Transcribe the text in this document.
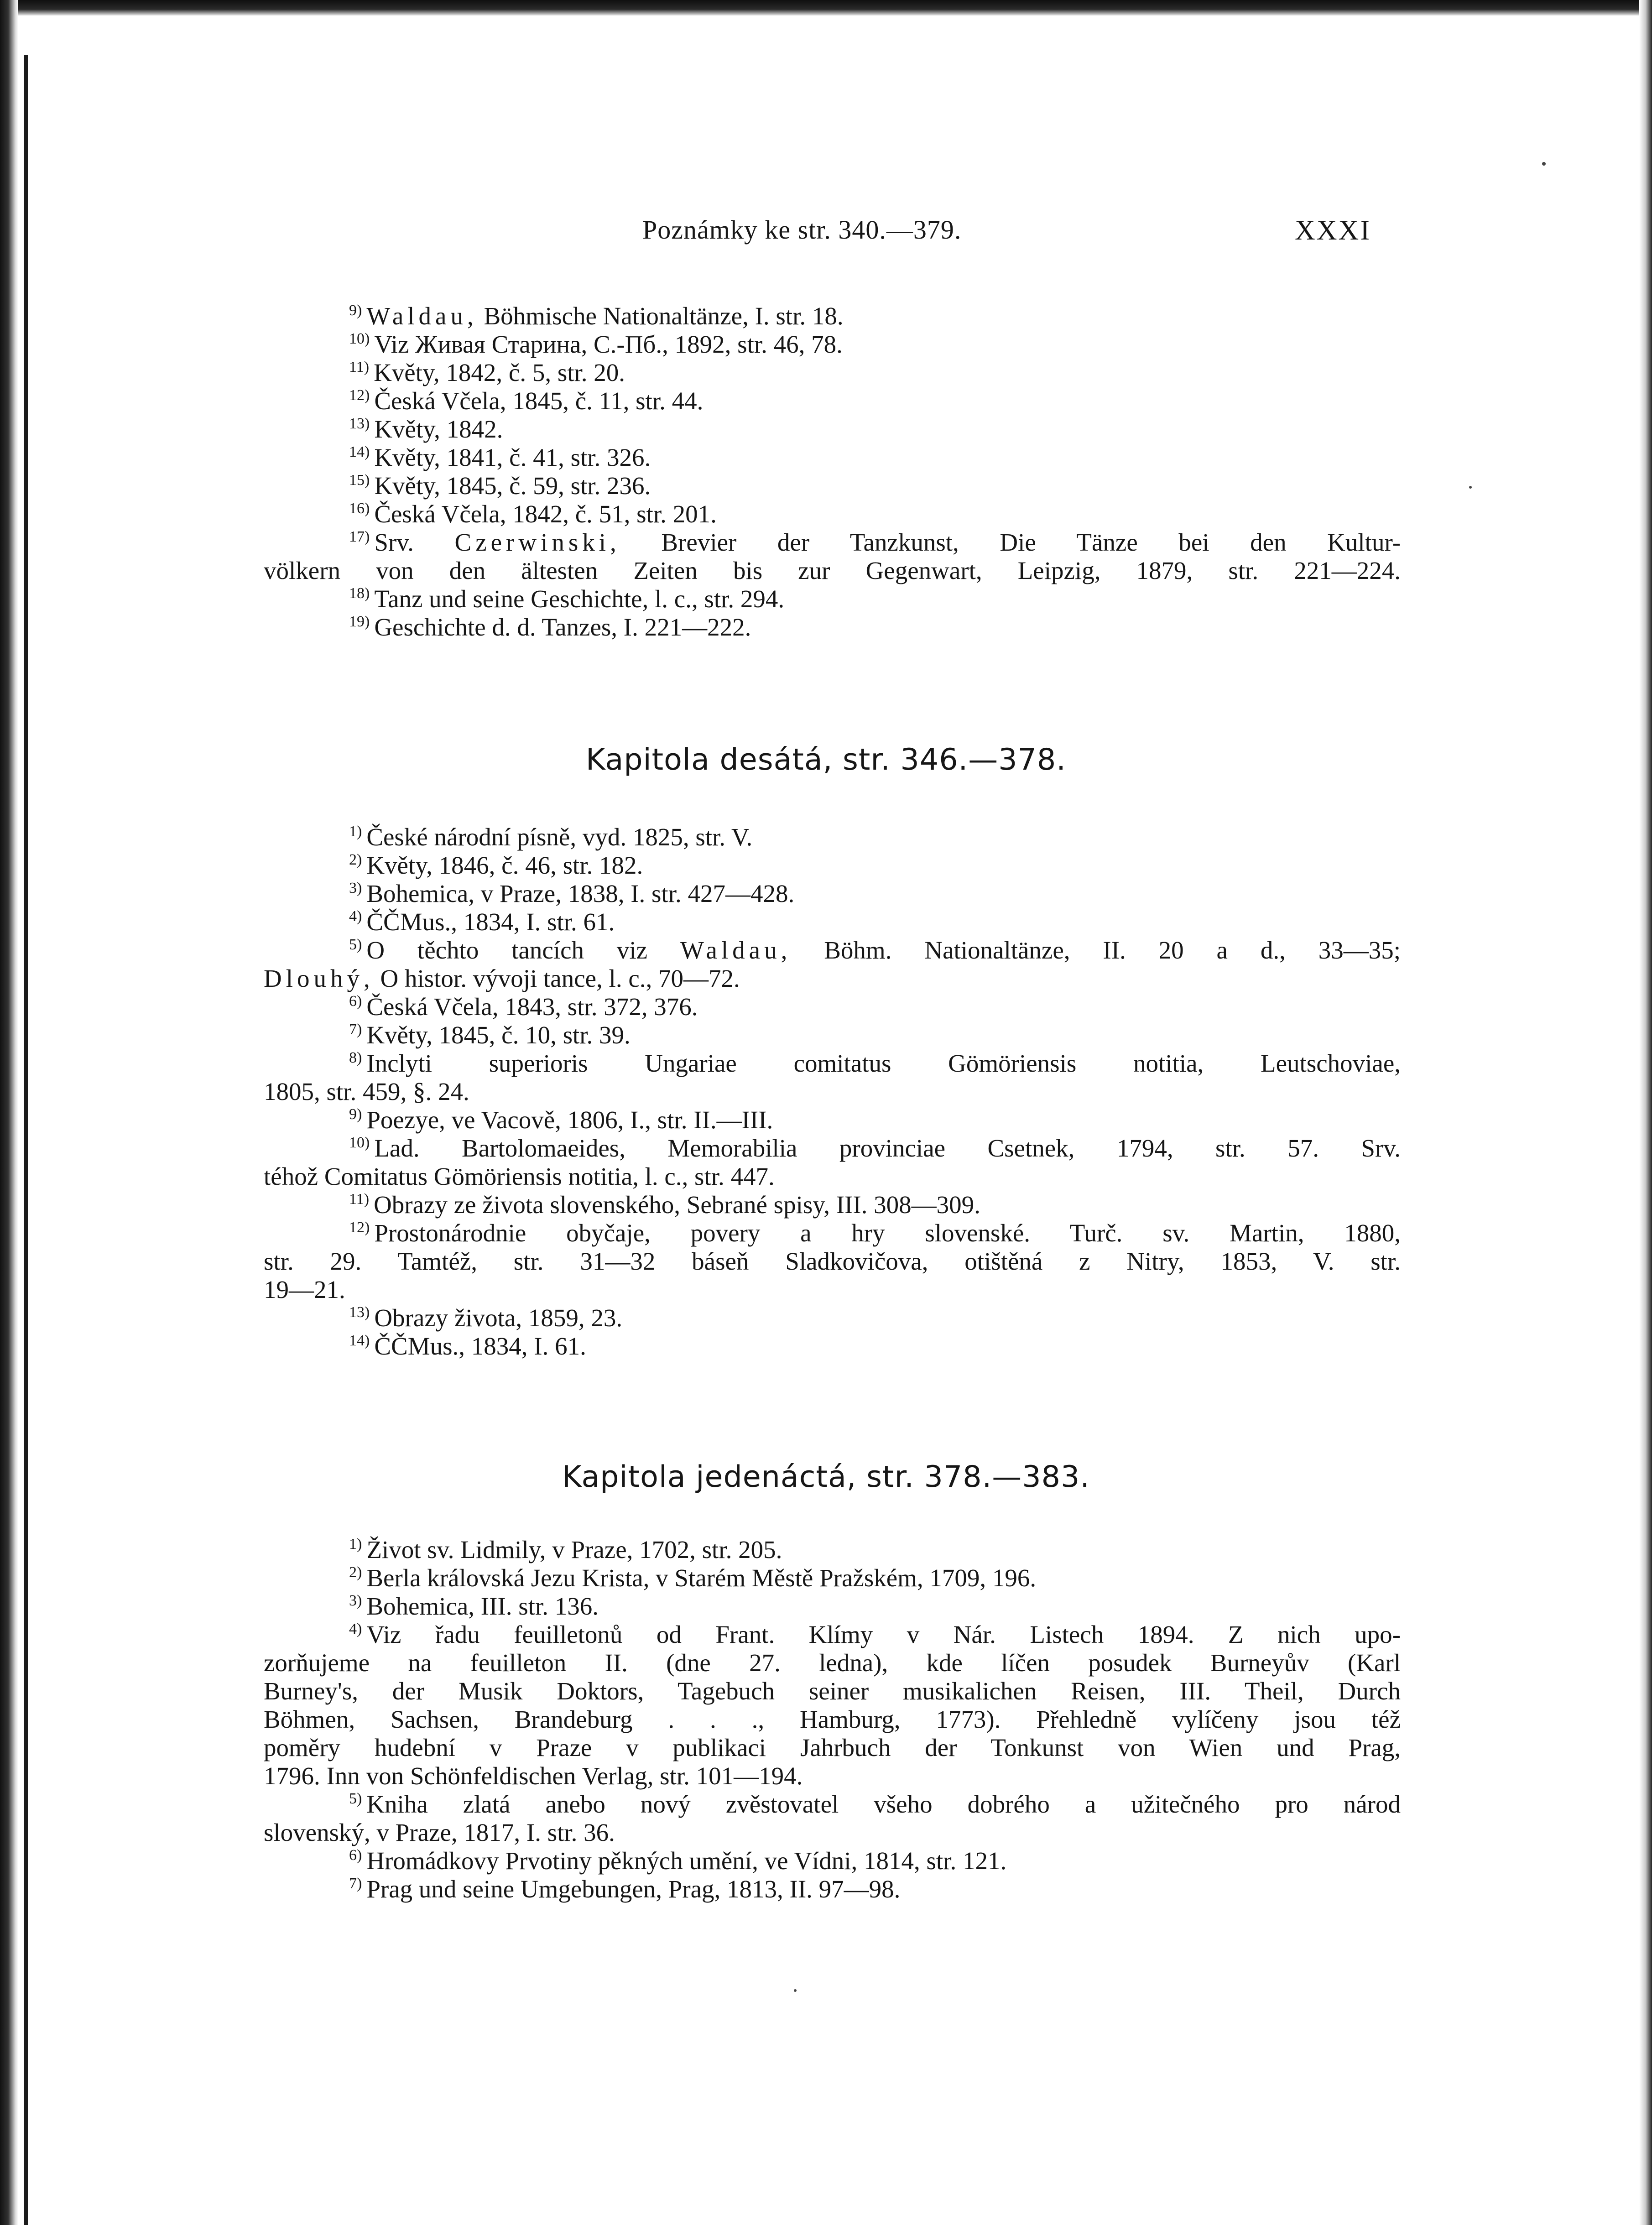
Poznámky ke str. 340.—379.	XXXI
$^{9)}$ Waldau, Böhmische Nationaltänze, I. str. 18.
$^{10)}$ Viz Живая Старина, С.-Пб., 1892, str. 46, 78.
$^{11)}$ Květy, 1842, č. 5, str. 20.
$^{12)}$ Česká Včela, 1845, č. 11, str. 44.
$^{13)}$ Květy, 1842.
$^{14)}$ Květy, 1841, č. 41, str. 326.
$^{15)}$ Květy, 1845, č. 59, str. 236.
$^{16)}$ Česká Včela, 1842, č. 51, str. 201.
$^{17)}$ Srv. Czerwinski, Brevier der Tanzkunst, Die Tänze bei den Kultur-
völkern von den ältesten Zeiten bis zur Gegenwart, Leipzig, 1879, str. 221—224.
$^{18)}$ Tanz und seine Geschichte, l. c., str. 294.
$^{19)}$ Geschichte d. d. Tanzes, I. 221—222.
Kapitola desátá, str. 346.—378.
$^{1)}$ České národní písně, vyd. 1825, str. V.
$^{2)}$ Květy, 1846, č. 46, str. 182.
$^{3)}$ Bohemica, v Praze, 1838, I. str. 427—428.
$^{4)}$ ČČMus., 1834, I. str. 61.
$^{5)}$ O těchto tancích viz Waldau, Böhm. Nationaltänze, II. 20 a d., 33—35;
Dlouhý, O histor. vývoji tance, l. c., 70—72.
$^{6)}$ Česká Včela, 1843, str. 372, 376.
$^{7)}$ Květy, 1845, č. 10, str. 39.
$^{8)}$ Inclyti superioris Ungariae comitatus Gömöriensis notitia, Leutschoviae,
1805, str. 459, §. 24.
$^{9)}$ Poezye, ve Vacově, 1806, I., str. II.—III.
$^{10)}$ Lad. Bartolomaeides, Memorabilia provinciae Csetnek, 1794, str. 57. Srv.
téhož Comitatus Gömöriensis notitia, l. c., str. 447.
$^{11)}$ Obrazy ze života slovenského, Sebrané spisy, III. 308—309.
$^{12)}$ Prostonárodnie obyčaje, povery a hry slovenské. Turč. sv. Martin, 1880,
str. 29. Tamtéž, str. 31—32 báseň Sladkovičova, otištěná z Nitry, 1853, V. str.
19—21.
$^{13)}$ Obrazy života, 1859, 23.
$^{14)}$ ČČMus., 1834, I. 61.
Kapitola jedenáctá, str. 378.—383.
$^{1)}$ Život sv. Lidmily, v Praze, 1702, str. 205.
$^{2)}$ Berla královská Jezu Krista, v Starém Městě Pražském, 1709, 196.
$^{3)}$ Bohemica, III. str. 136.
$^{4)}$ Viz řadu feuilletonů od Frant. Klímy v Nár. Listech 1894. Z nich upo-
zorňujeme na feuilleton II. (dne 27. ledna), kde líčen posudek Burneyův (Karl
Burney's, der Musik Doktors, Tagebuch seiner musikalichen Reisen, III. Theil, Durch
Böhmen, Sachsen, Brandeburg . . ., Hamburg, 1773). Přehledně vylíčeny jsou též
poměry hudební v Praze v publikaci Jahrbuch der Tonkunst von Wien und Prag,
1796. Inn von Schönfeldischen Verlag, str. 101—194.
$^{5)}$ Kniha zlatá anebo nový zvěstovatel všeho dobrého a užitečného pro národ
slovenský, v Praze, 1817, I. str. 36.
$^{6)}$ Hromádkovy Prvotiny pěkných umění, ve Vídni, 1814, str. 121.
$^{7)}$ Prag und seine Umgebungen, Prag, 1813, II. 97—98.
